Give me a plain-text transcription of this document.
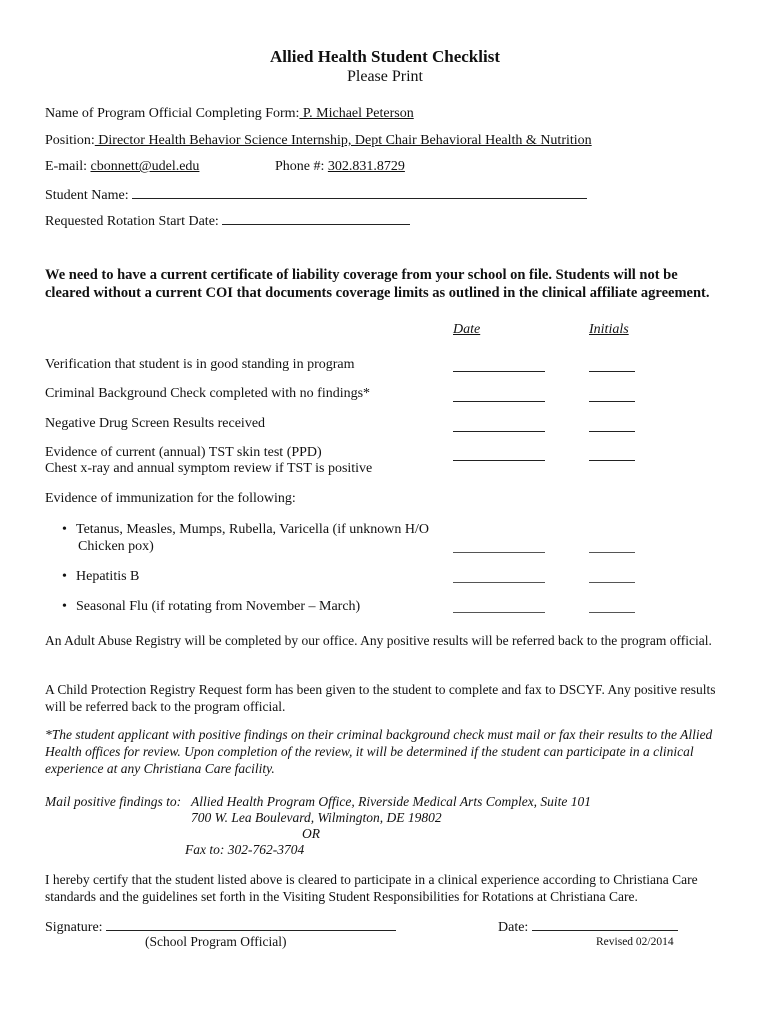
Allied Health Student Checklist
Please Print
Name of Program Official Completing Form: P. Michael Peterson
Position: Director Health Behavior Science Internship, Dept Chair Behavioral Health & Nutrition
E-mail: cbonnett@udel.edu	Phone #: 302.831.8729
Student Name:
Requested Rotation Start Date:
We need to have a current certificate of liability coverage from your school on file. Students will not be cleared without a current COI that documents coverage limits as outlined in the clinical affiliate agreement.
Date	Initials
Verification that student is in good standing in program
Criminal Background Check completed with no findings*
Negative Drug Screen Results received
Evidence of current (annual) TST skin test (PPD)
Chest x-ray and annual symptom review if TST is positive
Evidence of immunization for the following:
• Tetanus, Measles, Mumps, Rubella, Varicella (if unknown H/O
Chicken pox)
• Hepatitis B
• Seasonal Flu (if rotating from November – March)
An Adult Abuse Registry will be completed by our office. Any positive results will be referred back to the program official.
A Child Protection Registry Request form has been given to the student to complete and fax to DSCYF. Any positive results will be referred back to the program official.
*The student applicant with positive findings on their criminal background check must mail or fax their results to the Allied Health offices for review. Upon completion of the review, it will be determined if the student can participate in a clinical experience at any Christiana Care facility.
Mail positive findings to: Allied Health Program Office, Riverside Medical Arts Complex, Suite 101
700 W. Lea Boulevard, Wilmington, DE 19802
OR
Fax to: 302-762-3704
I hereby certify that the student listed above is cleared to participate in a clinical experience according to Christiana Care standards and the guidelines set forth in the Visiting Student Responsibilities for Rotations at Christiana Care.
Signature:
(School Program Official)
Date:
Revised 02/2014
